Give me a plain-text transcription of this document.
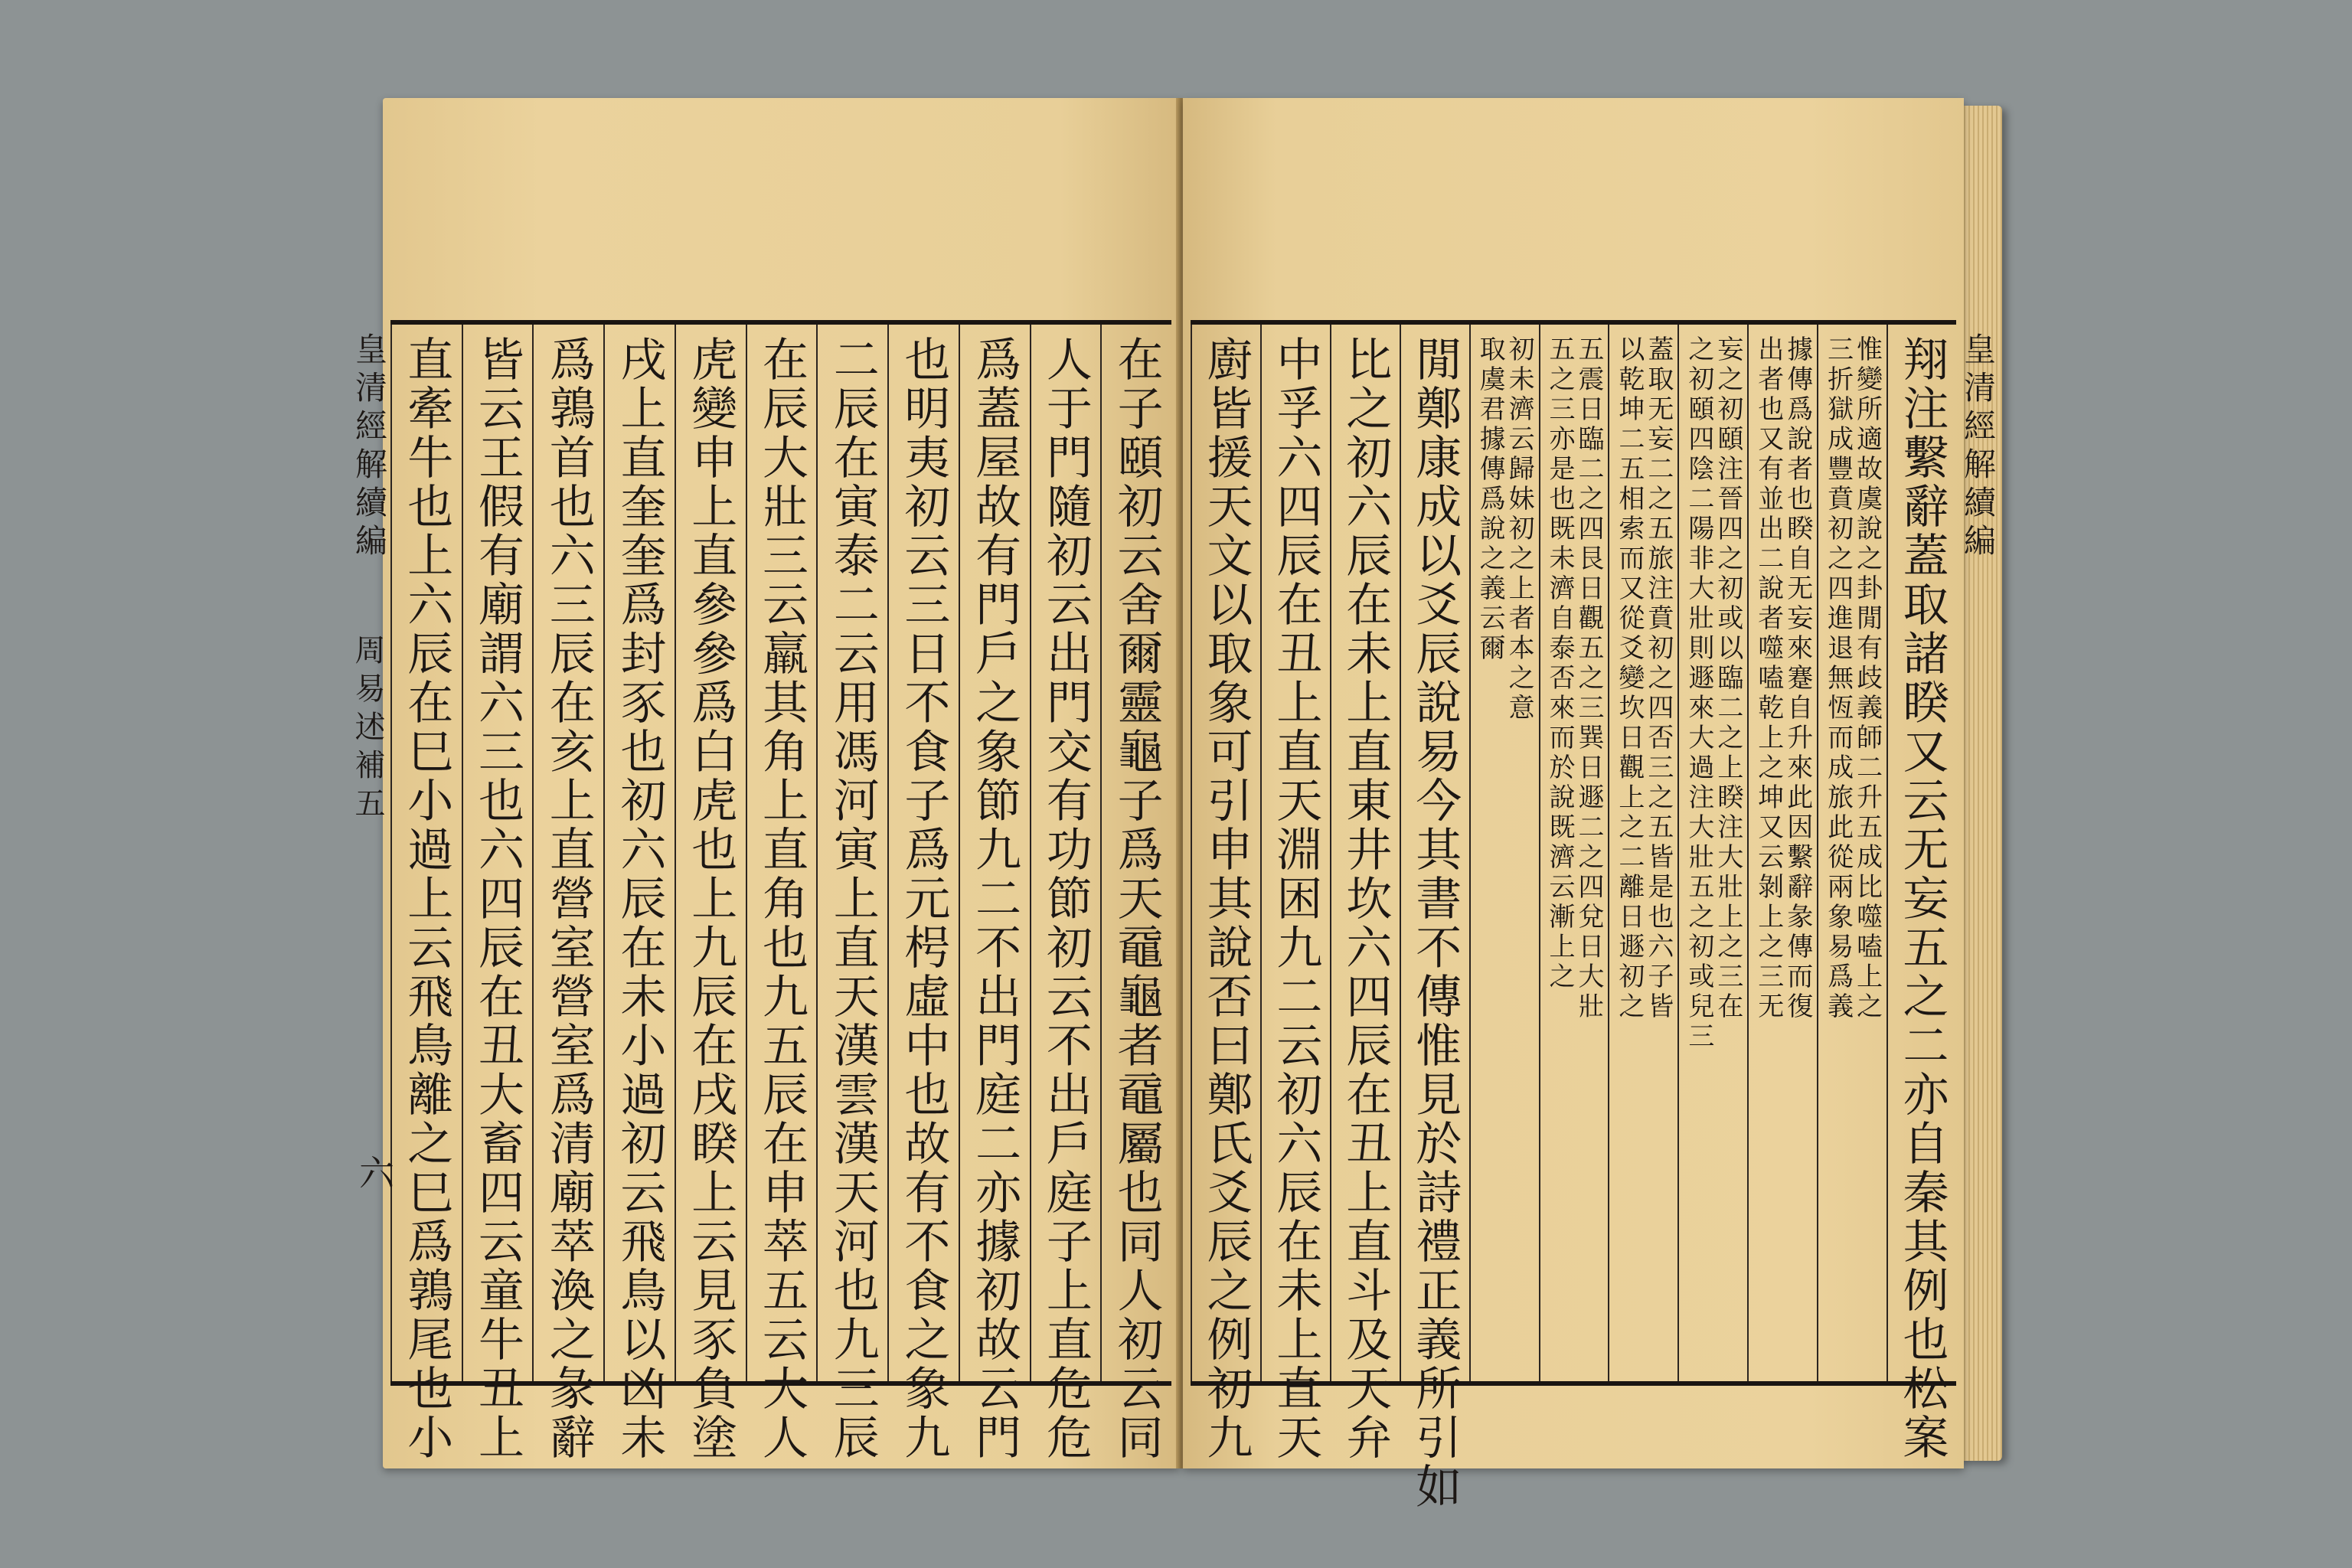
皇清經解續編	在子頤初云舍爾靈龜子爲天黿龜者黿屬也同人初云同
人于門隨初云出門交有功節初云不出戶庭子上直危危
爲蓋屋故有門戶之象節九二不出門庭二亦據初故云門
也明夷初云三日不食子爲元枵虛中也故有不食之象九
二辰在寅泰二云用馮河寅上直天漢雲漢天河也九三辰
在辰大壯三云羸其角上直角也九五辰在申萃五云大人
虎變申上直參參爲白虎也上九辰在戌睽上云見豕負塗
戌上直奎奎爲封豕也初六辰在未小過初云飛鳥以凶未
爲鶉首也六三辰在亥上直營室營室爲清廟萃渙之彖辭
皆云王假有廟謂六三也六四辰在丑大畜四云童牛丑上
直牽牛也上六辰在巳小過上云飛鳥離之巳爲鶉尾也小
周易述補五
六
皇清經解續編
翔注繫辭蓋取諸睽又云无妄五之二亦自秦其例也松案
惟變所適故虞說之卦閒有歧義師二升五成比噬嗑上之
三折獄成豐賁初之四進退無恆而成旅此從兩象易爲義
據傳爲說者也睽自无妄來蹇自升來此因繫辭彖傳而復
出者也又有並出二說者噬嗑乾上之坤又云剝上之三无
妄之初頤注晉四之初或以臨二之上睽注大壯上之三在
之初頤四陰二陽非大壯則遯來大過注大壯五之初或兒三
蓋取无妄二之五旅注賁初之四否三之五皆是也六子皆
以乾坤二五相索而又從爻變坎日觀上之二離日遯初之
五震日臨二之四艮日觀五之三巽日遯二之四兌日大壯
五之三亦是也既未濟自泰否來而於說既濟云漸上之
初未濟云歸妹初之上者本之意
取虞君據傳爲說之義云爾
閒鄭康成以爻辰說易今其書不傳惟見於詩禮正義所引如
比之初六辰在未上直東井坎六四辰在丑上直斗及天弁
中孚六四辰在丑上直天淵困九二云初六辰在未上直天
廚皆援天文以取象可引申其說否曰鄭氏爻辰之例初九
